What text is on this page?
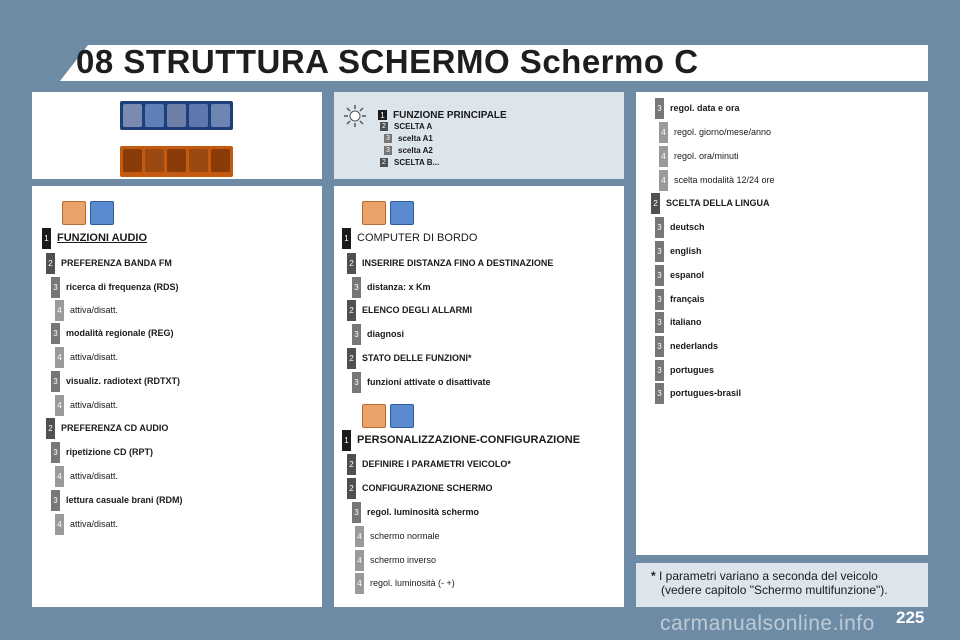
08 STRUTTURA SCHERMO Schermo C
1 FUNZIONE PRINCIPALE
2 SCELTA A
3 scelta A1
3 scelta A2
2 SCELTA B...
1 FUNZIONI AUDIO
2 PREFERENZA BANDA FM
3 ricerca di frequenza (RDS)
4 attiva/disatt.
3 modalità regionale (REG)
4 attiva/disatt.
3 visualiz. radiotext (RDTXT)
4 attiva/disatt.
2 PREFERENZA CD AUDIO
3 ripetizione CD (RPT)
4 attiva/disatt.
3 lettura casuale brani (RDM)
4 attiva/disatt.
1 COMPUTER DI BORDO
2 INSERIRE DISTANZA FINO A DESTINAZIONE
3 distanza: x Km
2 ELENCO DEGLI ALLARMI
3 diagnosi
2 STATO DELLE FUNZIONI*
3 funzioni attivate o disattivate
1 PERSONALIZZAZIONE-CONFIGURAZIONE
2 DEFINIRE I PARAMETRI VEICOLO*
2 CONFIGURAZIONE SCHERMO
3 regol. luminosità schermo
4 schermo normale
4 schermo inverso
4 regol. luminosità (- +)
3 regol. data e ora
4 regol. giorno/mese/anno
4 regol. ora/minuti
4 scelta modalità 12/24 ore
2 SCELTA DELLA LINGUA
3 deutsch
3 english
3 espanol
3 français
3 italiano
3 nederlands
3 portugues
3 portugues-brasil
* I parametri variano a seconda del veicolo
(vedere capitolo "Schermo multifunzione").
carmanualsonline.info 225
